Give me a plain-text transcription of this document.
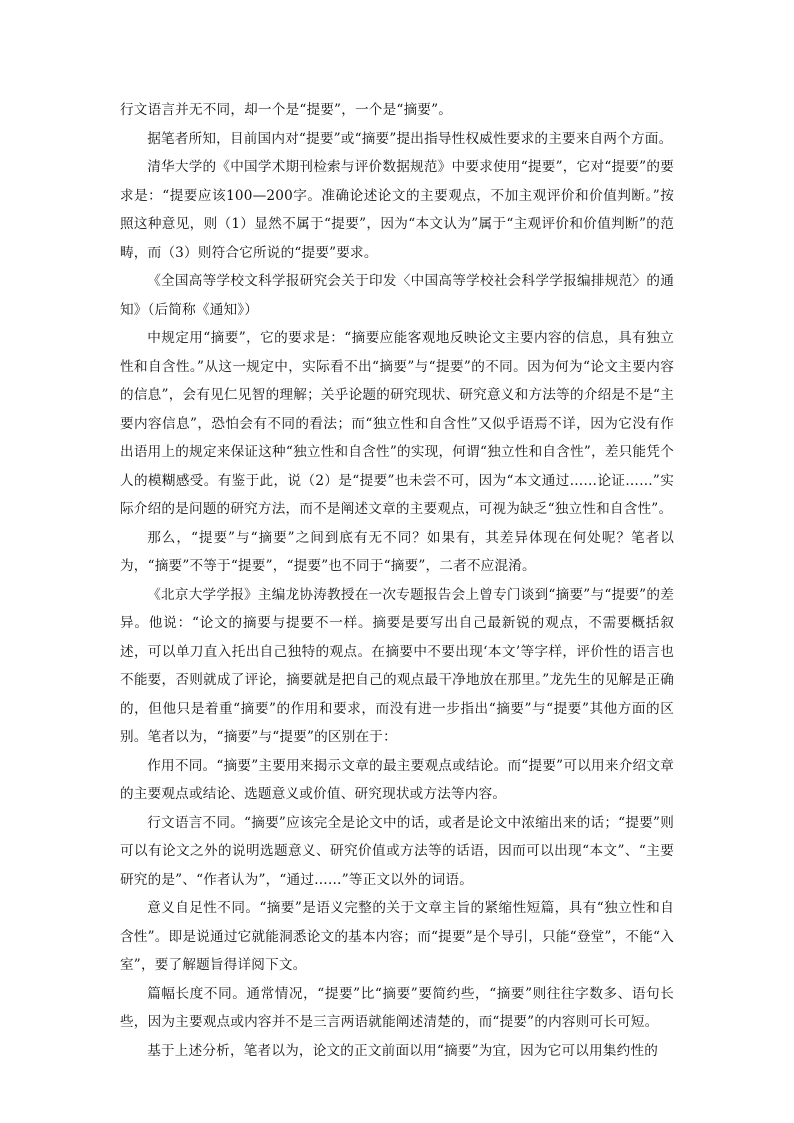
行文语言并无不同，却一个是“提要”，一个是“摘要”。

据笔者所知，目前国内对“提要”或“摘要”提出指导性权威性要求的主要来自两个方面。

清华大学的《中国学术期刊检索与评价数据规范》中要求使用“提要”，它对“提要”的要求是：“提要应该100—200字。准确论述论文的主要观点，不加主观评价和价值判断。”按照这种意见，则（1）显然不属于“提要”，因为“本文认为”属于“主观评价和价值判断”的范畴，而（3）则符合它所说的“提要”要求。

《全国高等学校文科学报研究会关于印发〈中国高等学校社会科学学报编排规范〉的通知》（后简称《通知》）

中规定用“摘要”，它的要求是：“摘要应能客观地反映论文主要内容的信息，具有独立性和自含性。”从这一规定中，实际看不出“摘要”与“提要”的不同。因为何为“论文主要内容的信息”，会有见仁见智的理解；关乎论题的研究现状、研究意义和方法等的介绍是不是“主要内容信息”，恐怕会有不同的看法；而“独立性和自含性”又似乎语焉不详，因为它没有作出语用上的规定来保证这种“独立性和自含性”的实现，何谓“独立性和自含性”，差只能凭个人的模糊感受。有鉴于此，说（2）是“提要”也未尝不可，因为“本文通过……论证……”实际介绍的是问题的研究方法，而不是阐述文章的主要观点，可视为缺乏“独立性和自含性”。

那么，“提要”与“摘要”之间到底有无不同？如果有，其差异体现在何处呢？笔者以为，“摘要”不等于“提要”，“提要”也不同于“摘要”，二者不应混淆。

《北京大学学报》主编龙协涛教授在一次专题报告会上曾专门谈到“摘要”与“提要”的差异。他说：“论文的摘要与提要不一样。摘要是要写出自己最新锐的观点，不需要概括叙述，可以单刀直入托出自己独特的观点。在摘要中不要出现‘本文’等字样，评价性的语言也不能要，否则就成了评论，摘要就是把自己的观点最干净地放在那里。”龙先生的见解是正确的，但他只是着重“摘要”的作用和要求，而没有进一步指出“摘要”与“提要”其他方面的区别。笔者以为，“摘要”与“提要”的区别在于：

作用不同。“摘要”主要用来揭示文章的最主要观点或结论。而“提要”可以用来介绍文章的主要观点或结论、选题意义或价值、研究现状或方法等内容。

行文语言不同。“摘要”应该完全是论文中的话，或者是论文中浓缩出来的话；“提要”则可以有论文之外的说明选题意义、研究价值或方法等的话语，因而可以出现“本文”、“主要研究的是”、“作者认为”，“通过……”等正文以外的词语。

意义自足性不同。“摘要”是语义完整的关于文章主旨的紧缩性短篇，具有“独立性和自含性”。即是说通过它就能洞悉论文的基本内容；而“提要”是个导引，只能“登堂”，不能“入室”，要了解题旨得详阅下文。

篇幅长度不同。通常情况，“提要”比“摘要”要简约些，“摘要”则往往字数多、语句长些，因为主要观点或内容并不是三言两语就能阐述清楚的，而“提要”的内容则可长可短。

基于上述分析，笔者以为，论文的正文前面以用“摘要”为宜，因为它可以用集约性的
